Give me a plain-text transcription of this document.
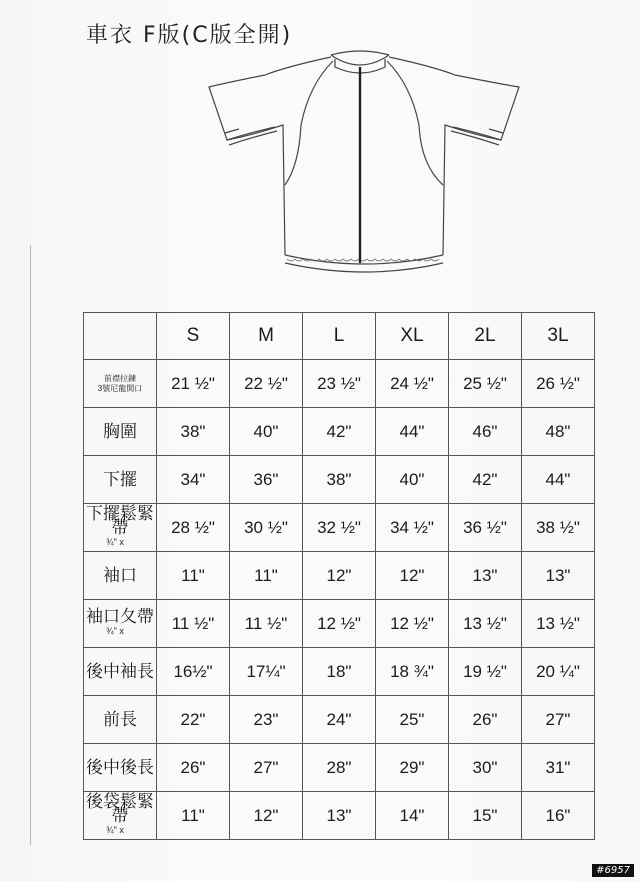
車衣 F版(C版全開)
	S	M	L	XL	2L	3L

前襟拉鍊
3號尼龍開口	21 ½"	22 ½"	23 ½"	24 ½"	25 ½"	26 ½"
胸圍	38"	40"	42"	44"	46"	48"
下擺	34"	36"	38"	40"	42"	44"
下擺鬆緊帶
¾" x	28 ½"	30 ½"	32 ½"	34 ½"	36 ½"	38 ½"
袖口	11"	11"	12"	12"	13"	13"
袖口夂帶
¾" x	11 ½"	11 ½"	12 ½"	12 ½"	13 ½"	13 ½"
後中袖長	16½"	17¼"	18"	18 ¾"	19 ½"	20 ¼"
前長	22"	23"	24"	25"	26"	27"
後中後長	26"	27"	28"	29"	30"	31"
後袋鬆緊帶
¾" x	11"	12"	13"	14"	15"	16"
#6957
